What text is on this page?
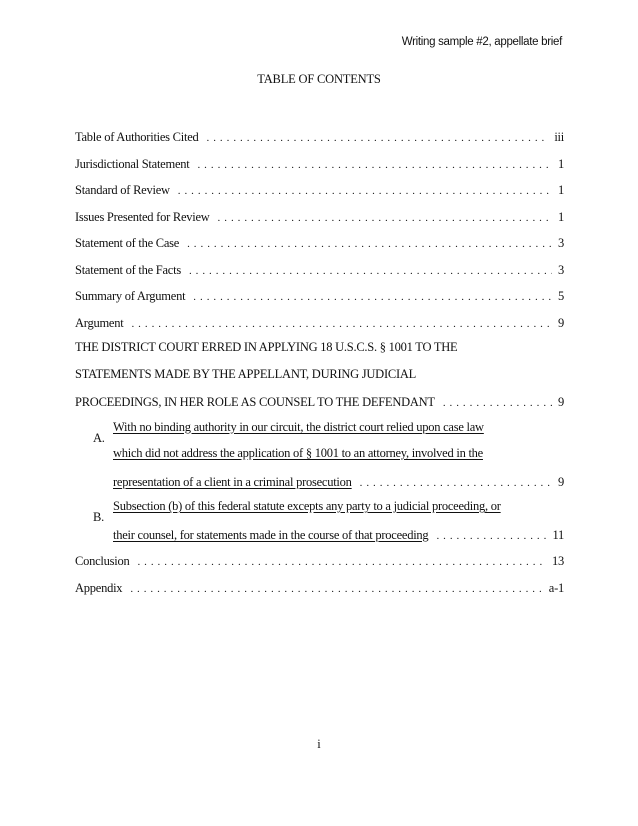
Writing sample #2, appellate brief
TABLE OF CONTENTS
Table of Authorities Cited . . .	iii
Jurisdictional Statement . . .	1
Standard of Review . . .	1
Issues Presented for Review . . .	1
Statement of the Case . . .	3
Statement of the Facts . . .	3
Summary of Argument . . .	5
Argument . . .	9
THE DISTRICT COURT ERRED IN APPLYING 18 U.S.C.S. § 1001 TO THE
STATEMENTS MADE BY THE APPELLANT, DURING JUDICIAL
PROCEEDINGS, IN HER ROLE AS COUNSEL TO THE DEFENDANT . . .	9
A.
With no binding authority in our circuit, the district court relied upon case law
which did not address the application of § 1001 to an attorney, involved in the
representation of a client in a criminal prosecution . . .	9
B.
Subsection (b) of this federal statute excepts any party to a judicial proceeding, or
their counsel, for statements made in the course of that proceeding . . .	11
Conclusion . . .	13
Appendix . . .	a-1
i
